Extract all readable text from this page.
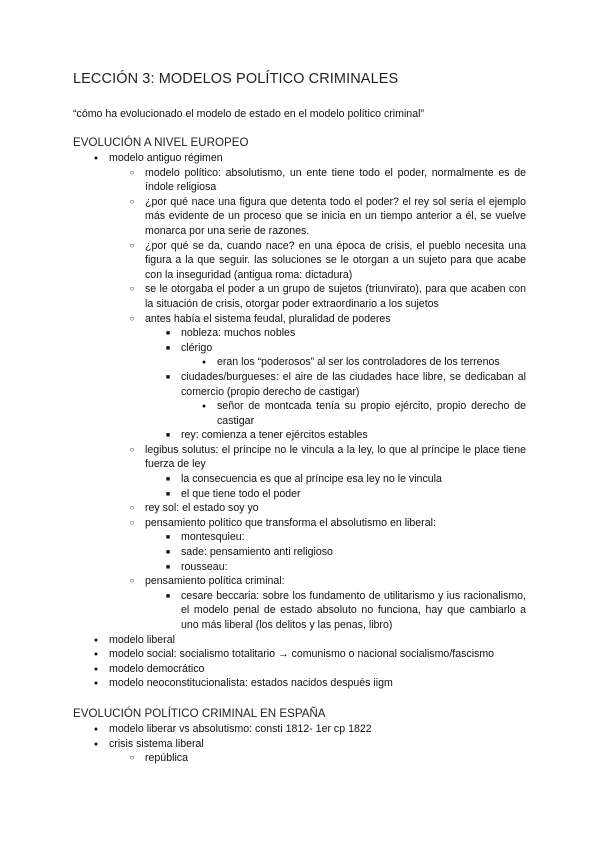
LECCIÓN 3: MODELOS POLÍTICO CRIMINALES
“cómo ha evolucionado el modelo de estado en el modelo político criminal”
EVOLUCIÓN A NIVEL EUROPEO
●
modelo antiguo régimen
○
modelo político: absolutismo, un ente tiene todo el poder, normalmente es de índole religiosa
○
¿por qué nace una figura que detenta todo el poder? el rey sol sería el ejemplo más evidente de un proceso que se inicia en un tiempo anterior a él, se vuelve monarca por una serie de razones.
○
¿por qué se da, cuando nace? en una época de crisis, el pueblo necesita una figura a la que seguir. las soluciones se le otorgan a un sujeto para que acabe con la inseguridad (antigua roma: dictadura)
○
se le otorgaba el poder a un grupo de sujetos (triunvirato), para que acaben con la situación de crisis, otorgar poder extraordinario a los sujetos
○
antes había el sistema feudal, pluralidad de poderes
■
nobleza: muchos nobles
■
clérigo
●
eran los “poderosos” al ser los controladores de los terrenos
■
ciudades/burgueses: el aire de las ciudades hace libre, se dedicaban al comercio (propio derecho de castigar)
●
señor de montcada tenía su propio ejército, propio derecho de castigar
■
rey: comienza a tener ejércitos estables
○
legibus solutus: el príncipe no le vincula a la ley, lo que al príncipe le place tiene fuerza de ley
■
la consecuencia es que al príncipe esa ley no le vincula
■
el que tiene todo el poder
○
rey sol: el estado soy yo
○
pensamiento político que transforma el absolutismo en liberal:
■
montesquieu:
■
sade: pensamiento anti religioso
■
rousseau:
○
pensamiento política criminal:
■
cesare beccaria: sobre los fundamento de utilitarismo y ius racionalismo, el modelo penal de estado absoluto no funciona, hay que cambiarlo a uno más liberal (los delitos y las penas, libro)
●
modelo liberal
●
modelo social: socialismo totalitario → comunismo o nacional socialismo/fascismo
●
modelo democrático
●
modelo neoconstitucionalista: estados nacidos después iigm
EVOLUCIÓN POLÍTICO CRIMINAL EN ESPAÑA
●
modelo liberar vs absolutismo: consti 1812- 1er cp 1822
●
crisis sistema liberal
○
república
